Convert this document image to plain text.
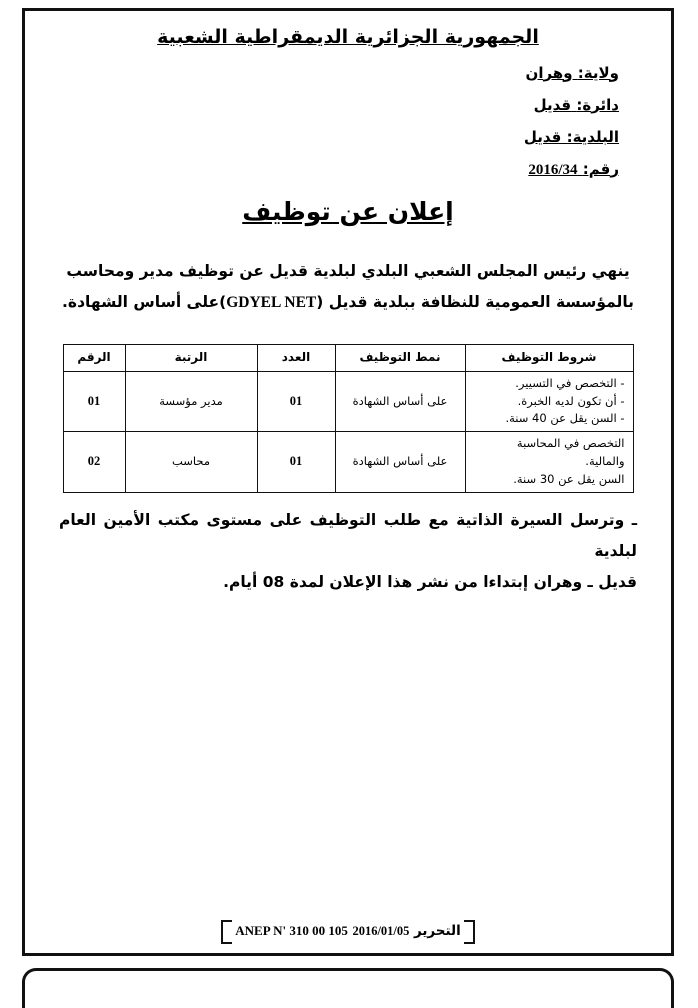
الجمهورية الجزائرية الديمقراطية الشعبية
ولاية: وهران
دائرة: قديل
البلدية: قديل
رقم: 2016/34
إعلان عن توظيف
ينهي رئيس المجلس الشعبي البلدي لبلدية قديل عن توظيف مدير ومحاسب
بالمؤسسة العمومية للنظافة ببلدية قديل (GDYEL NET)على أساس الشهادة.
شروط التوظيف	نمط التوظيف	العدد	الرتبة	الرقم

- التخصص في التسيير.
- أن تكون لديه الخبرة.
- السن يقل عن 40 سنة.	على أساس الشهادة	01	مدير مؤسسة	01

التخصص في المحاسبة
والمالية.
السن يقل عن 30 سنة.	على أساس الشهادة	01	محاسب	02
ـ وترسل السيرة الذاتية مع طلب التوظيف على مستوى مكتب الأمين العام لبلدية
قديل ـ وهران إبتداءا من نشر هذا الإعلان لمدة 08 أيام.
التحرير 2016/01/05 ANEP N' 310 00 105
